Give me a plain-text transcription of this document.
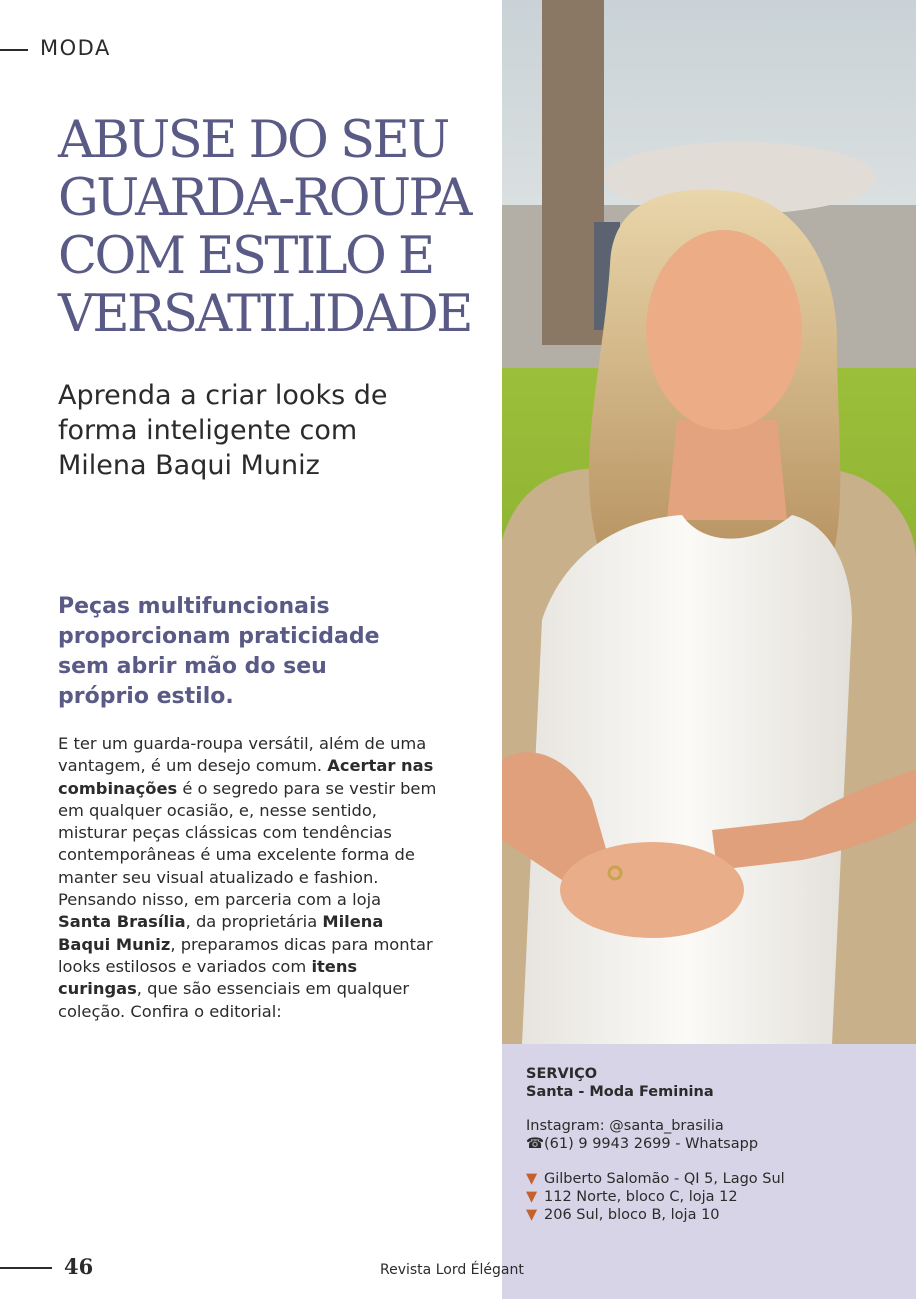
MODA
ABUSE DO SEU
GUARDA-ROUPA
COM ESTILO E
VERSATILIDADE
Aprenda a criar looks de
forma inteligente com
Milena Baqui Muniz

Peças multifuncionais
proporcionam praticidade
sem abrir mão do seu
próprio estilo.

E ter um guarda-roupa versátil, além de uma vantagem, é um desejo comum. Acertar nas combinações é o segredo para se vestir bem em qualquer ocasião, e, nesse sentido, misturar peças clássicas com tendências contemporâneas é uma excelente forma de manter seu visual atualizado e fashion. Pensando nisso, em parceria com a loja Santa Brasília, da proprietária Milena Baqui Muniz, preparamos dicas para montar looks estilosos e variados com itens curingas, que são essenciais em qualquer coleção. Confira o editorial:

SERVIÇO
Santa - Moda Feminina
Instagram: @santa_brasilia
☎(61) 9 9943 2699 - Whatsapp
▼ Gilberto Salomão - QI 5, Lago Sul
▼ 112 Norte, bloco C, loja 12
▼ 206 Sul, bloco B, loja 10
46	Revista Lord Élégant
